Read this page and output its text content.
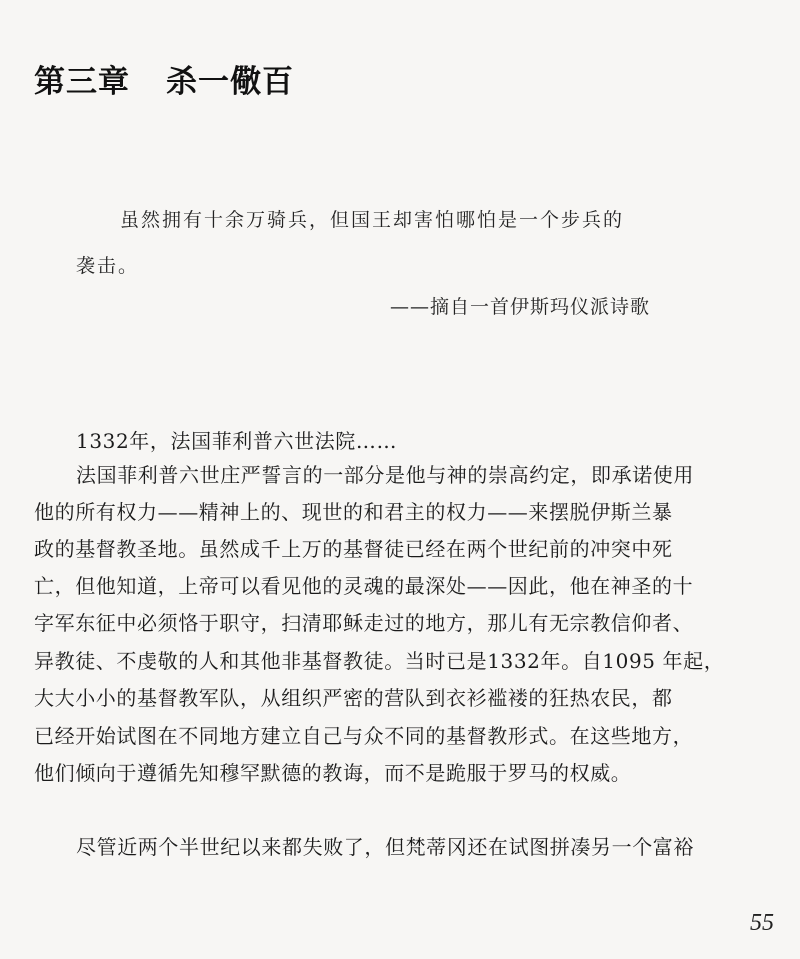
第三章 杀一儆百
虽然拥有十余万骑兵，但国王却害怕哪怕是一个步兵的
袭击。
——摘自一首伊斯玛仪派诗歌
1332年，法国菲利普六世法院……
法国菲利普六世庄严誓言的一部分是他与神的崇高约定，即承诺使用
他的所有权力——精神上的、现世的和君主的权力——来摆脱伊斯兰暴
政的基督教圣地。虽然成千上万的基督徒已经在两个世纪前的冲突中死
亡，但他知道，上帝可以看见他的灵魂的最深处——因此，他在神圣的十
字军东征中必须恪于职守，扫清耶稣走过的地方，那儿有无宗教信仰者、
异教徒、不虔敬的人和其他非基督教徒。当时已是1332年。自1095 年起，
大大小小的基督教军队，从组织严密的营队到衣衫褴褛的狂热农民，都
已经开始试图在不同地方建立自己与众不同的基督教形式。在这些地方，
他们倾向于遵循先知穆罕默德的教诲，而不是跪服于罗马的权威。
尽管近两个半世纪以来都失败了，但梵蒂冈还在试图拼凑另一个富裕
55
